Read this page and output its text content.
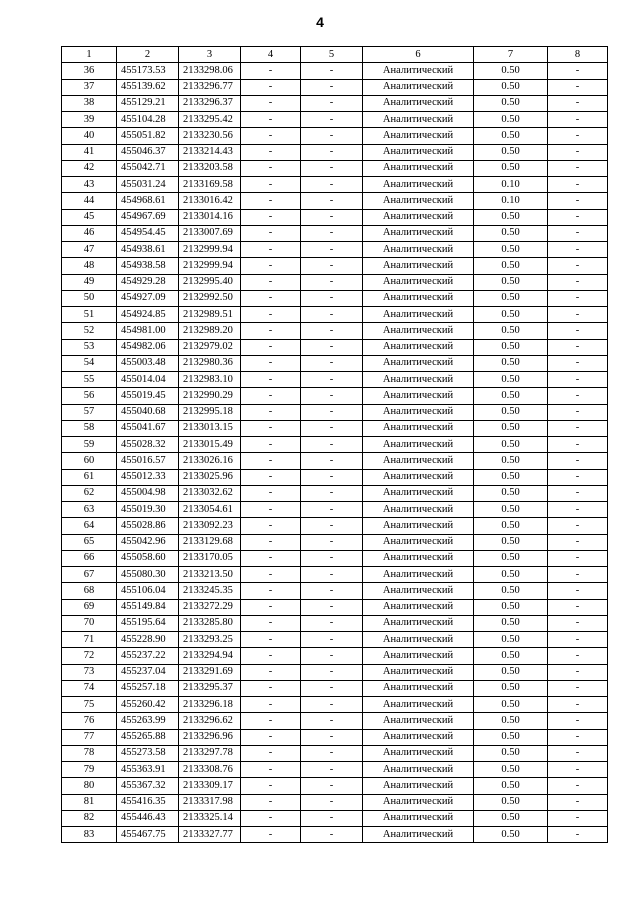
4
1	2	3	4	5	6	7	8
36	455173.53	2133298.06	-	-	Аналитический	0.50	-
37	455139.62	2133296.77	-	-	Аналитический	0.50	-
38	455129.21	2133296.37	-	-	Аналитический	0.50	-
39	455104.28	2133295.42	-	-	Аналитический	0.50	-
40	455051.82	2133230.56	-	-	Аналитический	0.50	-
41	455046.37	2133214.43	-	-	Аналитический	0.50	-
42	455042.71	2133203.58	-	-	Аналитический	0.50	-
43	455031.24	2133169.58	-	-	Аналитический	0.10	-
44	454968.61	2133016.42	-	-	Аналитический	0.10	-
45	454967.69	2133014.16	-	-	Аналитический	0.50	-
46	454954.45	2133007.69	-	-	Аналитический	0.50	-
47	454938.61	2132999.94	-	-	Аналитический	0.50	-
48	454938.58	2132999.94	-	-	Аналитический	0.50	-
49	454929.28	2132995.40	-	-	Аналитический	0.50	-
50	454927.09	2132992.50	-	-	Аналитический	0.50	-
51	454924.85	2132989.51	-	-	Аналитический	0.50	-
52	454981.00	2132989.20	-	-	Аналитический	0.50	-
53	454982.06	2132979.02	-	-	Аналитический	0.50	-
54	455003.48	2132980.36	-	-	Аналитический	0.50	-
55	455014.04	2132983.10	-	-	Аналитический	0.50	-
56	455019.45	2132990.29	-	-	Аналитический	0.50	-
57	455040.68	2132995.18	-	-	Аналитический	0.50	-
58	455041.67	2133013.15	-	-	Аналитический	0.50	-
59	455028.32	2133015.49	-	-	Аналитический	0.50	-
60	455016.57	2133026.16	-	-	Аналитический	0.50	-
61	455012.33	2133025.96	-	-	Аналитический	0.50	-
62	455004.98	2133032.62	-	-	Аналитический	0.50	-
63	455019.30	2133054.61	-	-	Аналитический	0.50	-
64	455028.86	2133092.23	-	-	Аналитический	0.50	-
65	455042.96	2133129.68	-	-	Аналитический	0.50	-
66	455058.60	2133170.05	-	-	Аналитический	0.50	-
67	455080.30	2133213.50	-	-	Аналитический	0.50	-
68	455106.04	2133245.35	-	-	Аналитический	0.50	-
69	455149.84	2133272.29	-	-	Аналитический	0.50	-
70	455195.64	2133285.80	-	-	Аналитический	0.50	-
71	455228.90	2133293.25	-	-	Аналитический	0.50	-
72	455237.22	2133294.94	-	-	Аналитический	0.50	-
73	455237.04	2133291.69	-	-	Аналитический	0.50	-
74	455257.18	2133295.37	-	-	Аналитический	0.50	-
75	455260.42	2133296.18	-	-	Аналитический	0.50	-
76	455263.99	2133296.62	-	-	Аналитический	0.50	-
77	455265.88	2133296.96	-	-	Аналитический	0.50	-
78	455273.58	2133297.78	-	-	Аналитический	0.50	-
79	455363.91	2133308.76	-	-	Аналитический	0.50	-
80	455367.32	2133309.17	-	-	Аналитический	0.50	-
81	455416.35	2133317.98	-	-	Аналитический	0.50	-
82	455446.43	2133325.14	-	-	Аналитический	0.50	-
83	455467.75	2133327.77	-	-	Аналитический	0.50	-
